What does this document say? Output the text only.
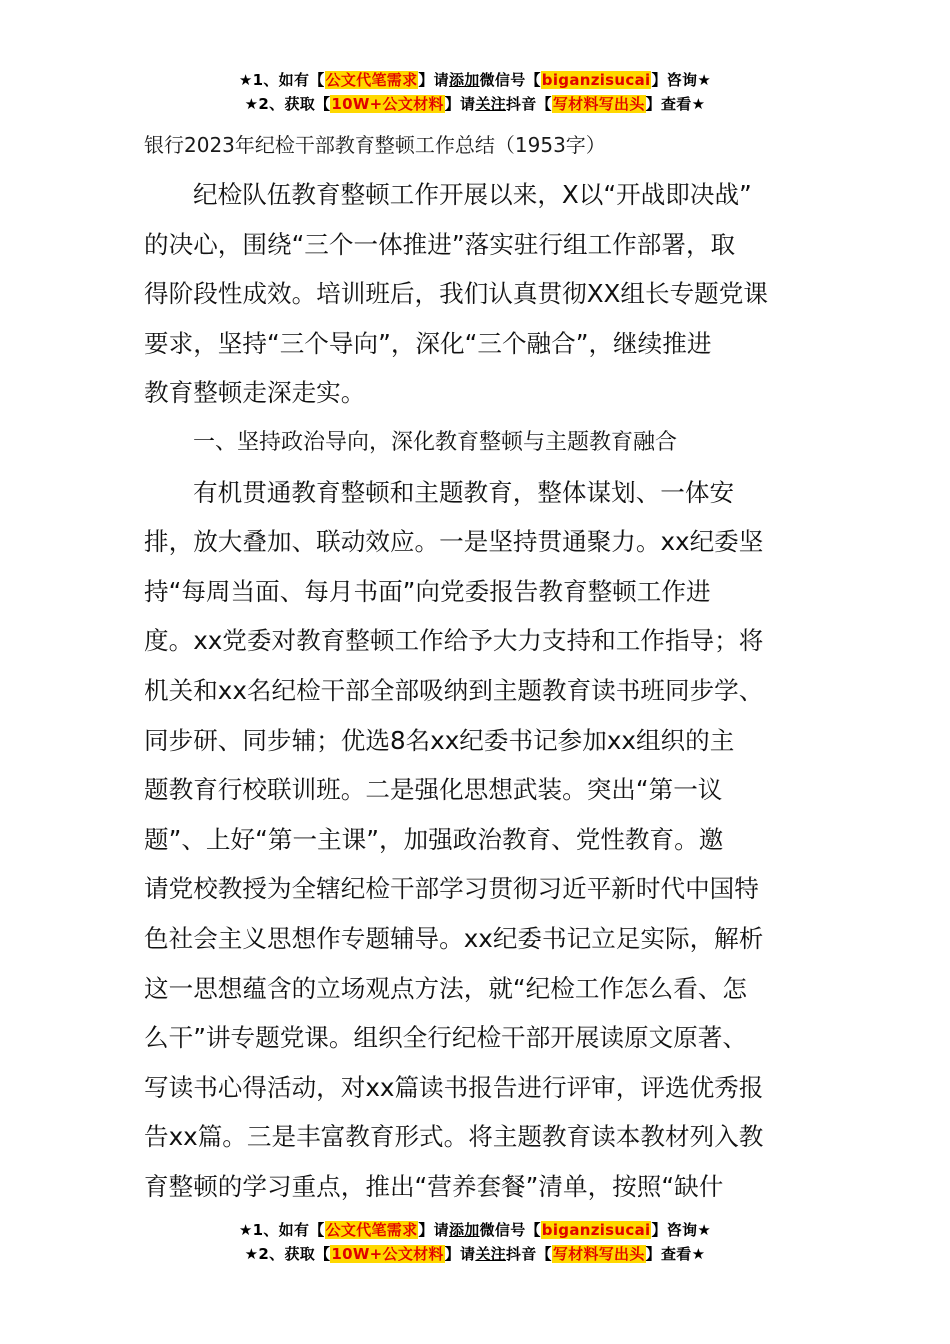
★1、如有【公文代笔需求】请添加微信号【biganzisucai】咨询★
★2、获取【10W+公文材料】请关注抖音【写材料写出头】查看★
银行2023年纪检干部教育整顿工作总结（1953字）
纪检队伍教育整顿工作开展以来，X以“开战即决战”
的决心，围绕“三个一体推进”落实驻行组工作部署，取
得阶段性成效。培训班后，我们认真贯彻XX组长专题党课
要求，坚持“三个导向”，深化“三个融合”，继续推进
教育整顿走深走实。
一、坚持政治导向，深化教育整顿与主题教育融合
有机贯通教育整顿和主题教育，整体谋划、一体安
排，放大叠加、联动效应。一是坚持贯通聚力。xx纪委坚
持“每周当面、每月书面”向党委报告教育整顿工作进
度。xx党委对教育整顿工作给予大力支持和工作指导；将
机关和xx名纪检干部全部吸纳到主题教育读书班同步学、
同步研、同步辅；优选8名xx纪委书记参加xx组织的主
题教育行校联训班。二是强化思想武装。突出“第一议
题”、上好“第一主课”，加强政治教育、党性教育。邀
请党校教授为全辖纪检干部学习贯彻习近平新时代中国特
色社会主义思想作专题辅导。xx纪委书记立足实际，解析
这一思想蕴含的立场观点方法，就“纪检工作怎么看、怎
么干”讲专题党课。组织全行纪检干部开展读原文原著、
写读书心得活动，对xx篇读书报告进行评审，评选优秀报
告xx篇。三是丰富教育形式。将主题教育读本教材列入教
育整顿的学习重点，推出“营养套餐”清单，按照“缺什
★1、如有【公文代笔需求】请添加微信号【biganzisucai】咨询★
★2、获取【10W+公文材料】请关注抖音【写材料写出头】查看★
